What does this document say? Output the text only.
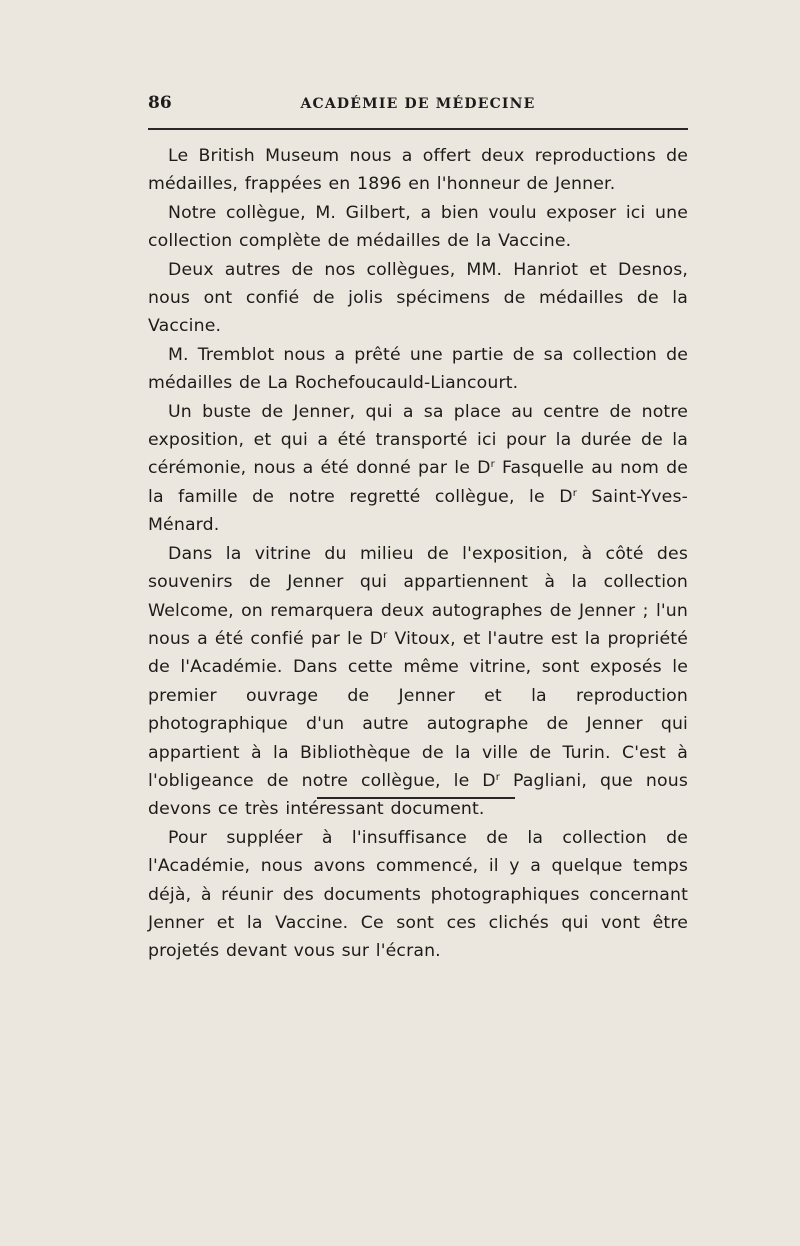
86	ACADÉMIE DE MÉDECINE

Le British Museum nous a offert deux reproductions de médailles, frappées en 1896 en l'honneur de Jenner.

Notre collègue, M. Gilbert, a bien voulu exposer ici une collection complète de médailles de la Vaccine.

Deux autres de nos collègues, MM. Hanriot et Desnos, nous ont confié de jolis spécimens de médailles de la Vaccine.

M. Tremblot nous a prêté une partie de sa collection de médailles de La Rochefoucauld-Liancourt.

Un buste de Jenner, qui a sa place au centre de notre exposition, et qui a été transporté ici pour la durée de la cérémonie, nous a été donné par le $D^r$ Fasquelle au nom de la famille de notre regretté collègue, le $D^r$ Saint-Yves-Ménard.

Dans la vitrine du milieu de l'exposition, à côté des souvenirs de Jenner qui appartiennent à la collection Welcome, on remarquera deux autographes de Jenner ; l'un nous a été confié par le $D^r$ Vitoux, et l'autre est la propriété de l'Académie. Dans cette même vitrine, sont exposés le premier ouvrage de Jenner et la reproduction photographique d'un autre autographe de Jenner qui appartient à la Bibliothèque de la ville de Turin. C'est à l'obligeance de notre collègue, le $D^r$ Pagliani, que nous devons ce très intéressant document.

Pour suppléer à l'insuffisance de la collection de l'Académie, nous avons commencé, il y a quelque temps déjà, à réunir des documents photographiques concernant Jenner et la Vaccine. Ce sont ces clichés qui vont être projetés devant vous sur l'écran.
